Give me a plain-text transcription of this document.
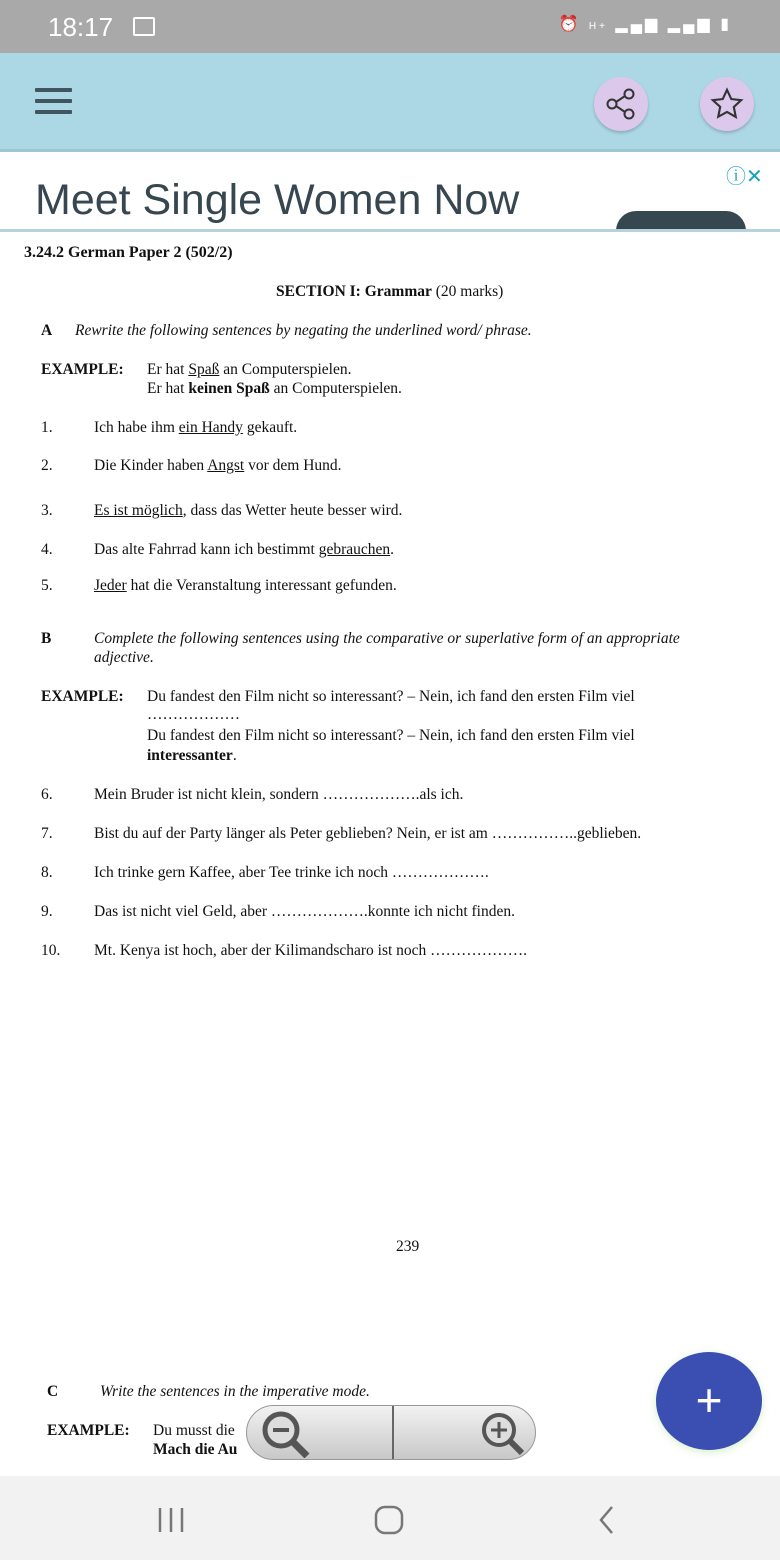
18:17	⏰ H+ ▂▄▆ ▂▄▆ ▮
Meet Single Women Now	ⓘ✕
3.24.2 German Paper 2 (502/2)
SECTION I: Grammar (20 marks)
A Rewrite the following sentences by negating the underlined word/ phrase.
EXAMPLE: Er hat Spaß an Computerspielen.
Er hat keinen Spaß an Computerspielen.
1.	Ich habe ihm ein Handy gekauft.
2.	Die Kinder haben Angst vor dem Hund.
3.	Es ist möglich, dass das Wetter heute besser wird.
4.	Das alte Fahrrad kann ich bestimmt gebrauchen.
5.	Jeder hat die Veranstaltung interessant gefunden.
B	Complete the following sentences using the comparative or superlative form of an appropriate
adjective.
EXAMPLE: Du fandest den Film nicht so interessant? – Nein, ich fand den ersten Film viel
………………
Du fandest den Film nicht so interessant? – Nein, ich fand den ersten Film viel
interessanter.
6.	Mein Bruder ist nicht klein, sondern ……………….als ich.
7.	Bist du auf der Party länger als Peter geblieben? Nein, er ist am ……………..geblieben.
8.	Ich trinke gern Kaffee, aber Tee trinke ich noch ……………….
9.	Das ist nicht viel Geld, aber ……………….konnte ich nicht finden.
10. Mt. Kenya ist hoch, aber der Kilimandscharo ist noch ……………….
239
C	Write the sentences in the imperative mode.
EXAMPLE: Du musst die
Mach die Au
+
